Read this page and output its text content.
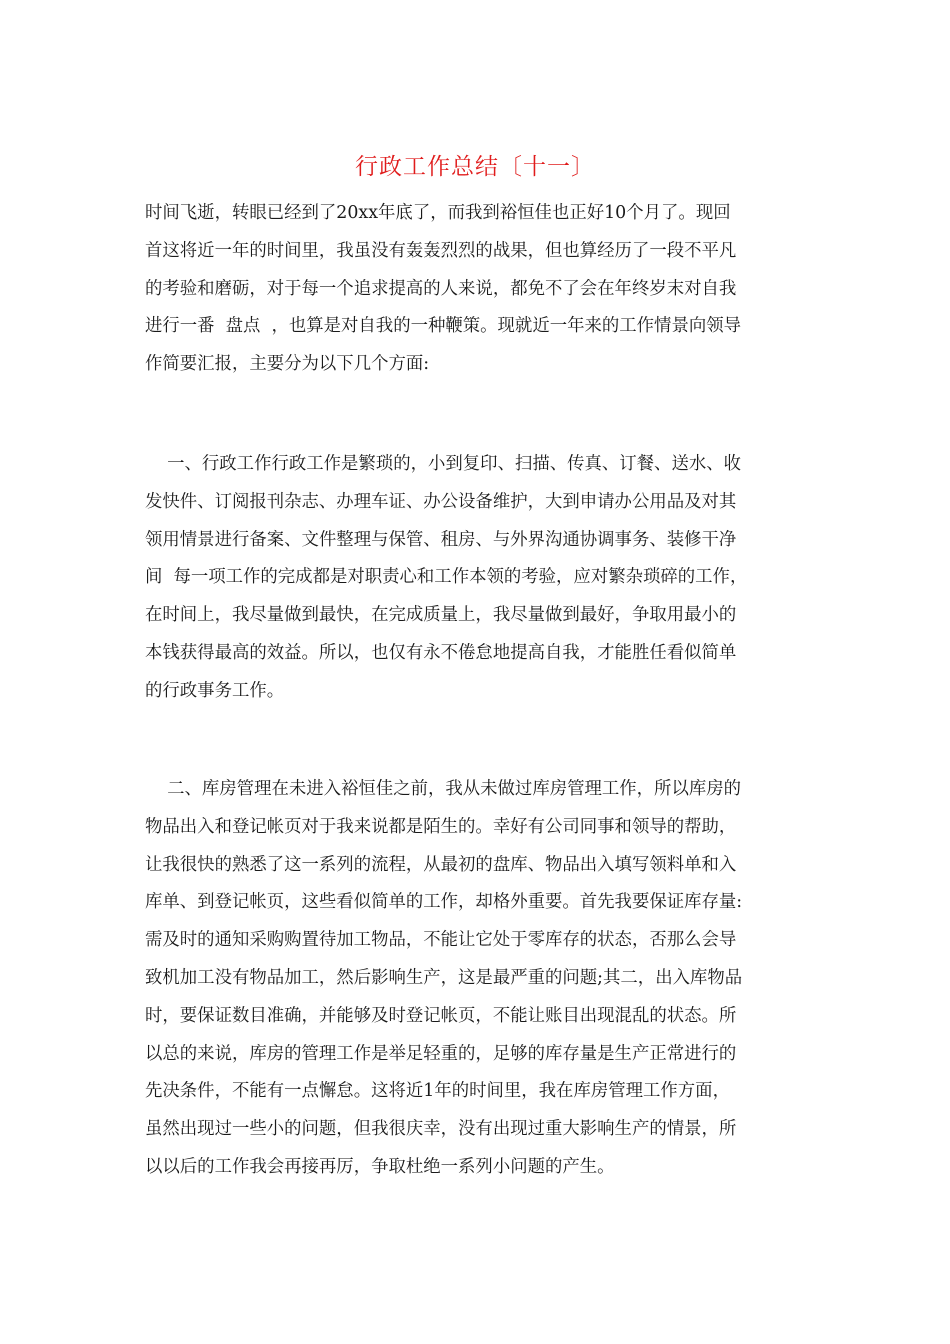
行政工作总结〔十一〕
时间飞逝，转眼已经到了20xx年底了，而我到裕恒佳也正好10个月了。现回
首这将近一年的时间里，我虽没有轰轰烈烈的战果，但也算经历了一段不平凡
的考验和磨砺，对于每一个追求提高的人来说，都免不了会在年终岁末对自我
进行一番  盘点  ，也算是对自我的一种鞭策。现就近一年来的工作情景向领导
作简要汇报，主要分为以下几个方面:
一、行政工作行政工作是繁琐的，小到复印、扫描、传真、订餐、送水、收
发快件、订阅报刊杂志、办理车证、办公设备维护，大到申请办公用品及对其
领用情景进行备案、文件整理与保管、租房、与外界沟通协调事务、装修干净
间  每一项工作的完成都是对职责心和工作本领的考验，应对繁杂琐碎的工作，
在时间上，我尽量做到最快，在完成质量上，我尽量做到最好，争取用最小的
本钱获得最高的效益。所以，也仅有永不倦怠地提高自我，才能胜任看似简单
的行政事务工作。
二、库房管理在未进入裕恒佳之前，我从未做过库房管理工作，所以库房的
物品出入和登记帐页对于我来说都是陌生的。幸好有公司同事和领导的帮助，
让我很快的熟悉了这一系列的流程，从最初的盘库、物品出入填写领料单和入
库单、到登记帐页，这些看似简单的工作，却格外重要。首先我要保证库存量:
需及时的通知采购购置待加工物品，不能让它处于零库存的状态，否那么会导
致机加工没有物品加工，然后影响生产，这是最严重的问题;其二，出入库物品
时，要保证数目准确，并能够及时登记帐页，不能让账目出现混乱的状态。所
以总的来说，库房的管理工作是举足轻重的，足够的库存量是生产正常进行的
先决条件，不能有一点懈怠。这将近1年的时间里，我在库房管理工作方面，
虽然出现过一些小的问题，但我很庆幸，没有出现过重大影响生产的情景，所
以以后的工作我会再接再厉，争取杜绝一系列小问题的产生。
